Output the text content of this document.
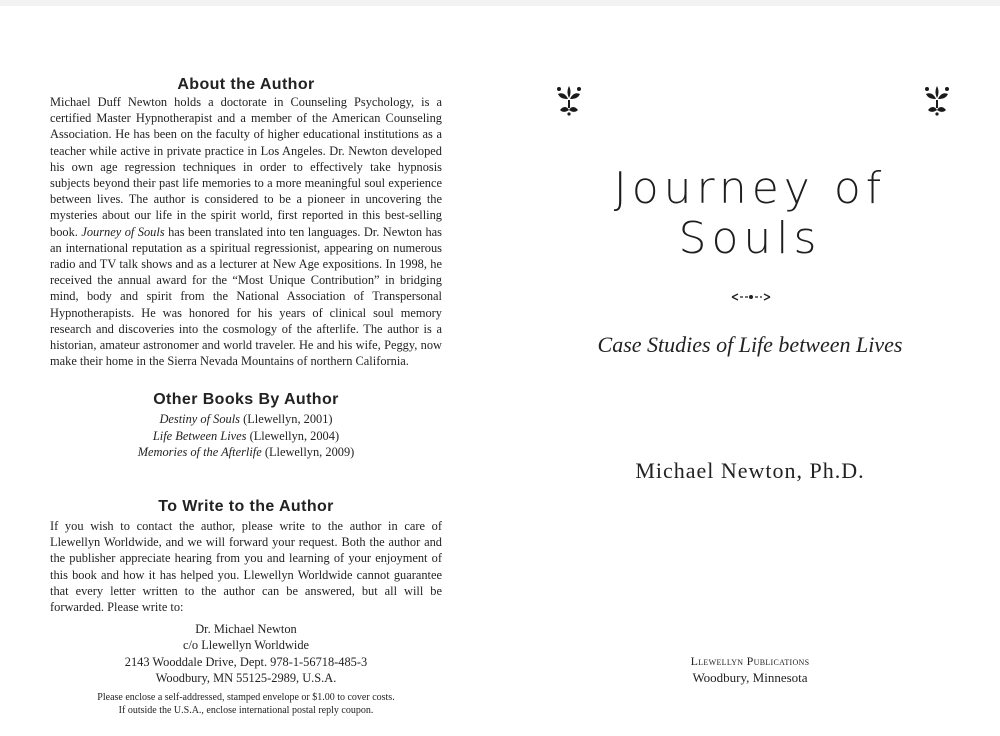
About the Author

Michael Duff Newton holds a doctorate in Counseling Psychology, is a certified Master Hypnotherapist and a member of the American Counseling Association. He has been on the faculty of higher educational institutions as a teacher while active in private practice in Los Angeles. Dr. Newton developed his own age regression techniques in order to effectively take hypnosis subjects beyond their past life memories to a more meaningful soul experience between lives. The author is considered to be a pioneer in uncovering the mysteries about our life in the spirit world, first reported in this best-selling book. Journey of Souls has been translated into ten languages. Dr. Newton has an international reputation as a spiritual regressionist, appearing on numerous radio and TV talk shows and as a lecturer at New Age expositions. In 1998, he received the annual award for the “Most Unique Contribution” in bridging mind, body and spirit from the National Association of Transpersonal Hypnotherapists. He was honored for his years of clinical soul memory research and discoveries into the cosmology of the afterlife. The author is a historian, amateur astronomer and world traveler. He and his wife, Peggy, now make their home in the Sierra Nevada Mountains of northern California.

Other Books By Author
Destiny of Souls (Llewellyn, 2001)
Life Between Lives (Llewellyn, 2004)
Memories of the Afterlife (Llewellyn, 2009)
To Write to the Author

If you wish to contact the author, please write to the author in care of Llewellyn Worldwide, and we will forward your request. Both the author and the publisher appreciate hearing from you and learning of your enjoyment of this book and how it has helped you. Llewellyn Worldwide cannot guarantee that every letter written to the author can be answered, but all will be forwarded. Please write to:

Dr. Michael Newton
c/o Llewellyn Worldwide
2143 Wooddale Drive, Dept. 978-1-56718-485-3
Woodbury, MN 55125-2989, U.S.A.
Please enclose a self-addressed, stamped envelope or $1.00 to cover costs.
If outside the U.S.A., enclose international postal reply coupon.
Journey of
Souls
Case Studies of Life between Lives
Michael Newton, Ph.D.
Llewellyn Publications
Woodbury, Minnesota
